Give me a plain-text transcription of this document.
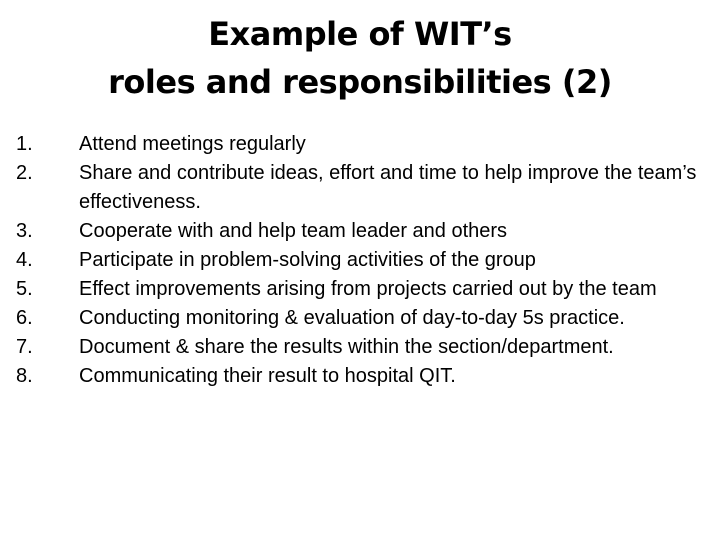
Example of WIT’s
roles and responsibilities (2)
1.	Attend meetings regularly
2.	Share and contribute ideas, effort and time to help improve the team’s effectiveness.
3.	Cooperate with and help team leader and others
4.	Participate in problem-solving activities of the group
5.	Effect improvements arising from projects carried out by the team
6.	Conducting monitoring & evaluation of day-to-day 5s practice.
7.	Document & share the results within the section/department.
8.	Communicating their result to hospital QIT.
